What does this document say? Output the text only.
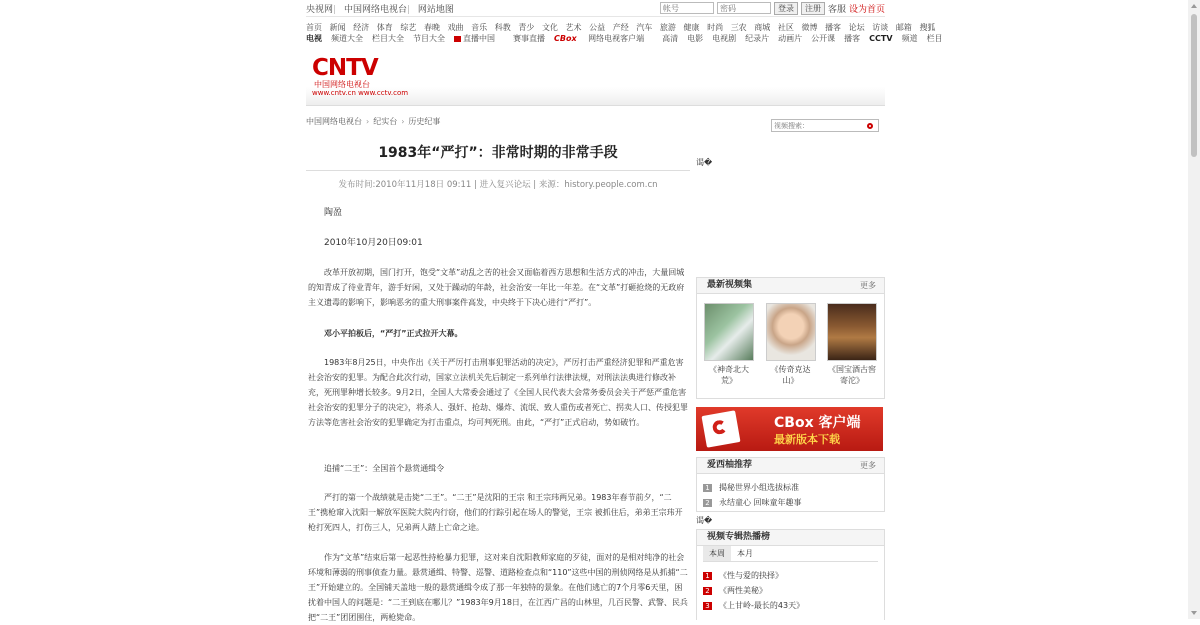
央视网| 中国网络电视台| 网站地图
帐号
密码	登录	注册 客服 设为首页
首页 新闻 经济 体育 综艺 春晚 戏曲 音乐 科教 青少 文化 艺术 公益 产经 汽车 旅游 健康 时尚 三农 商城 社区 微博 播客 论坛 访谈 邮箱 搜狐
电视 频道大全 栏目大全 节目大全	直播中国	赛事直播 CBox 网络电视客户端	高清 电影 电视剧 纪录片 动画片 公开课 播客 CCTV 频道 栏目
CNTV
中国网络电视台
www.cntv.cn www.cctv.com
中国网络电视台 › 纪实台 › 历史纪事
视频搜索：
1983年“严打”：非常时期的非常手段
发布时间:2010年11月18日 09:11 | 进入复兴论坛 | 来源：history.people.com.cn

陶盈

2010年10月20日09:01

改革开放初期，国门打开，饱受“文革”动乱之苦的社会又面临着西方思想和生活方式的冲击，大量回城的知青成了待业青年，游手好闲，又处于躁动的年龄，社会治安一年比一年差。在“文革”打砸抢烧的无政府主义遗毒的影响下，影响恶劣的重大刑事案件高发，中央终于下决心进行“严打”。

邓小平拍板后，“严打”正式拉开大幕。

1983年8月25日，中央作出《关于严厉打击刑事犯罪活动的决定》，严厉打击严重经济犯罪和严重危害社会治安的犯罪。为配合此次行动，国家立法机关先后制定一系列单行法律法规，对刑法法典进行修改补充，死刑罪种增长较多。9月2日，全国人大常委会通过了《全国人民代表大会常务委员会关于严惩严重危害社会治安的犯罪分子的决定》，将杀人、强奸、抢劫、爆炸、流氓、致人重伤或者死亡、拐卖人口、传授犯罪方法等危害社会治安的犯罪确定为打击重点，均可判死刑。由此，“严打”正式启动，势如破竹。

追捕“二王”：全国首个悬赏通缉令

严打的第一个战绩就是击毙“二王”。“二王”是沈阳的王宗 和王宗玮两兄弟。1983年春节前夕，“二王”携枪窜入沈阳一解放军医院大院内行窃，他们的行踪引起在场人的警觉，王宗 被抓住后，弟弟王宗玮开枪打死四人，打伤三人，兄弟两人踏上亡命之途。

作为“文革”结束后第一起恶性持枪暴力犯罪，这对来自沈阳教师家庭的歹徒，面对的是相对纯净的社会环境和薄弱的刑事侦查力量。悬赏通缉、特警、巡警、道路检查点和“110”这些中国的刑侦网络是从抓捕“二王”开始建立的。全国铺天盖地一般的悬赏通缉令成了那一年独特的景象。在他们逃亡的7个月零6天里，困扰着中国人的问题是：“二王到底在哪儿？”1983年9月18日，在江西广昌的山林里，几百民警、武警、民兵把“二王”团团围住，两枪毙命。

谒�
最新视频集	更多
《神奇北大荒》
《传奇克达山》
《国宝酒古窖寄沱》
CBox 客户端
最新版本下载
爱西柚推荐	更多
1 揭秘世界小组选拔标准
2 永结童心 回味童年趣事
谒�
视频专辑热播榜
本周	本月
1 《性与爱的抉择》
2 《两性美秘》
3 《上甘岭-最长的43天》
